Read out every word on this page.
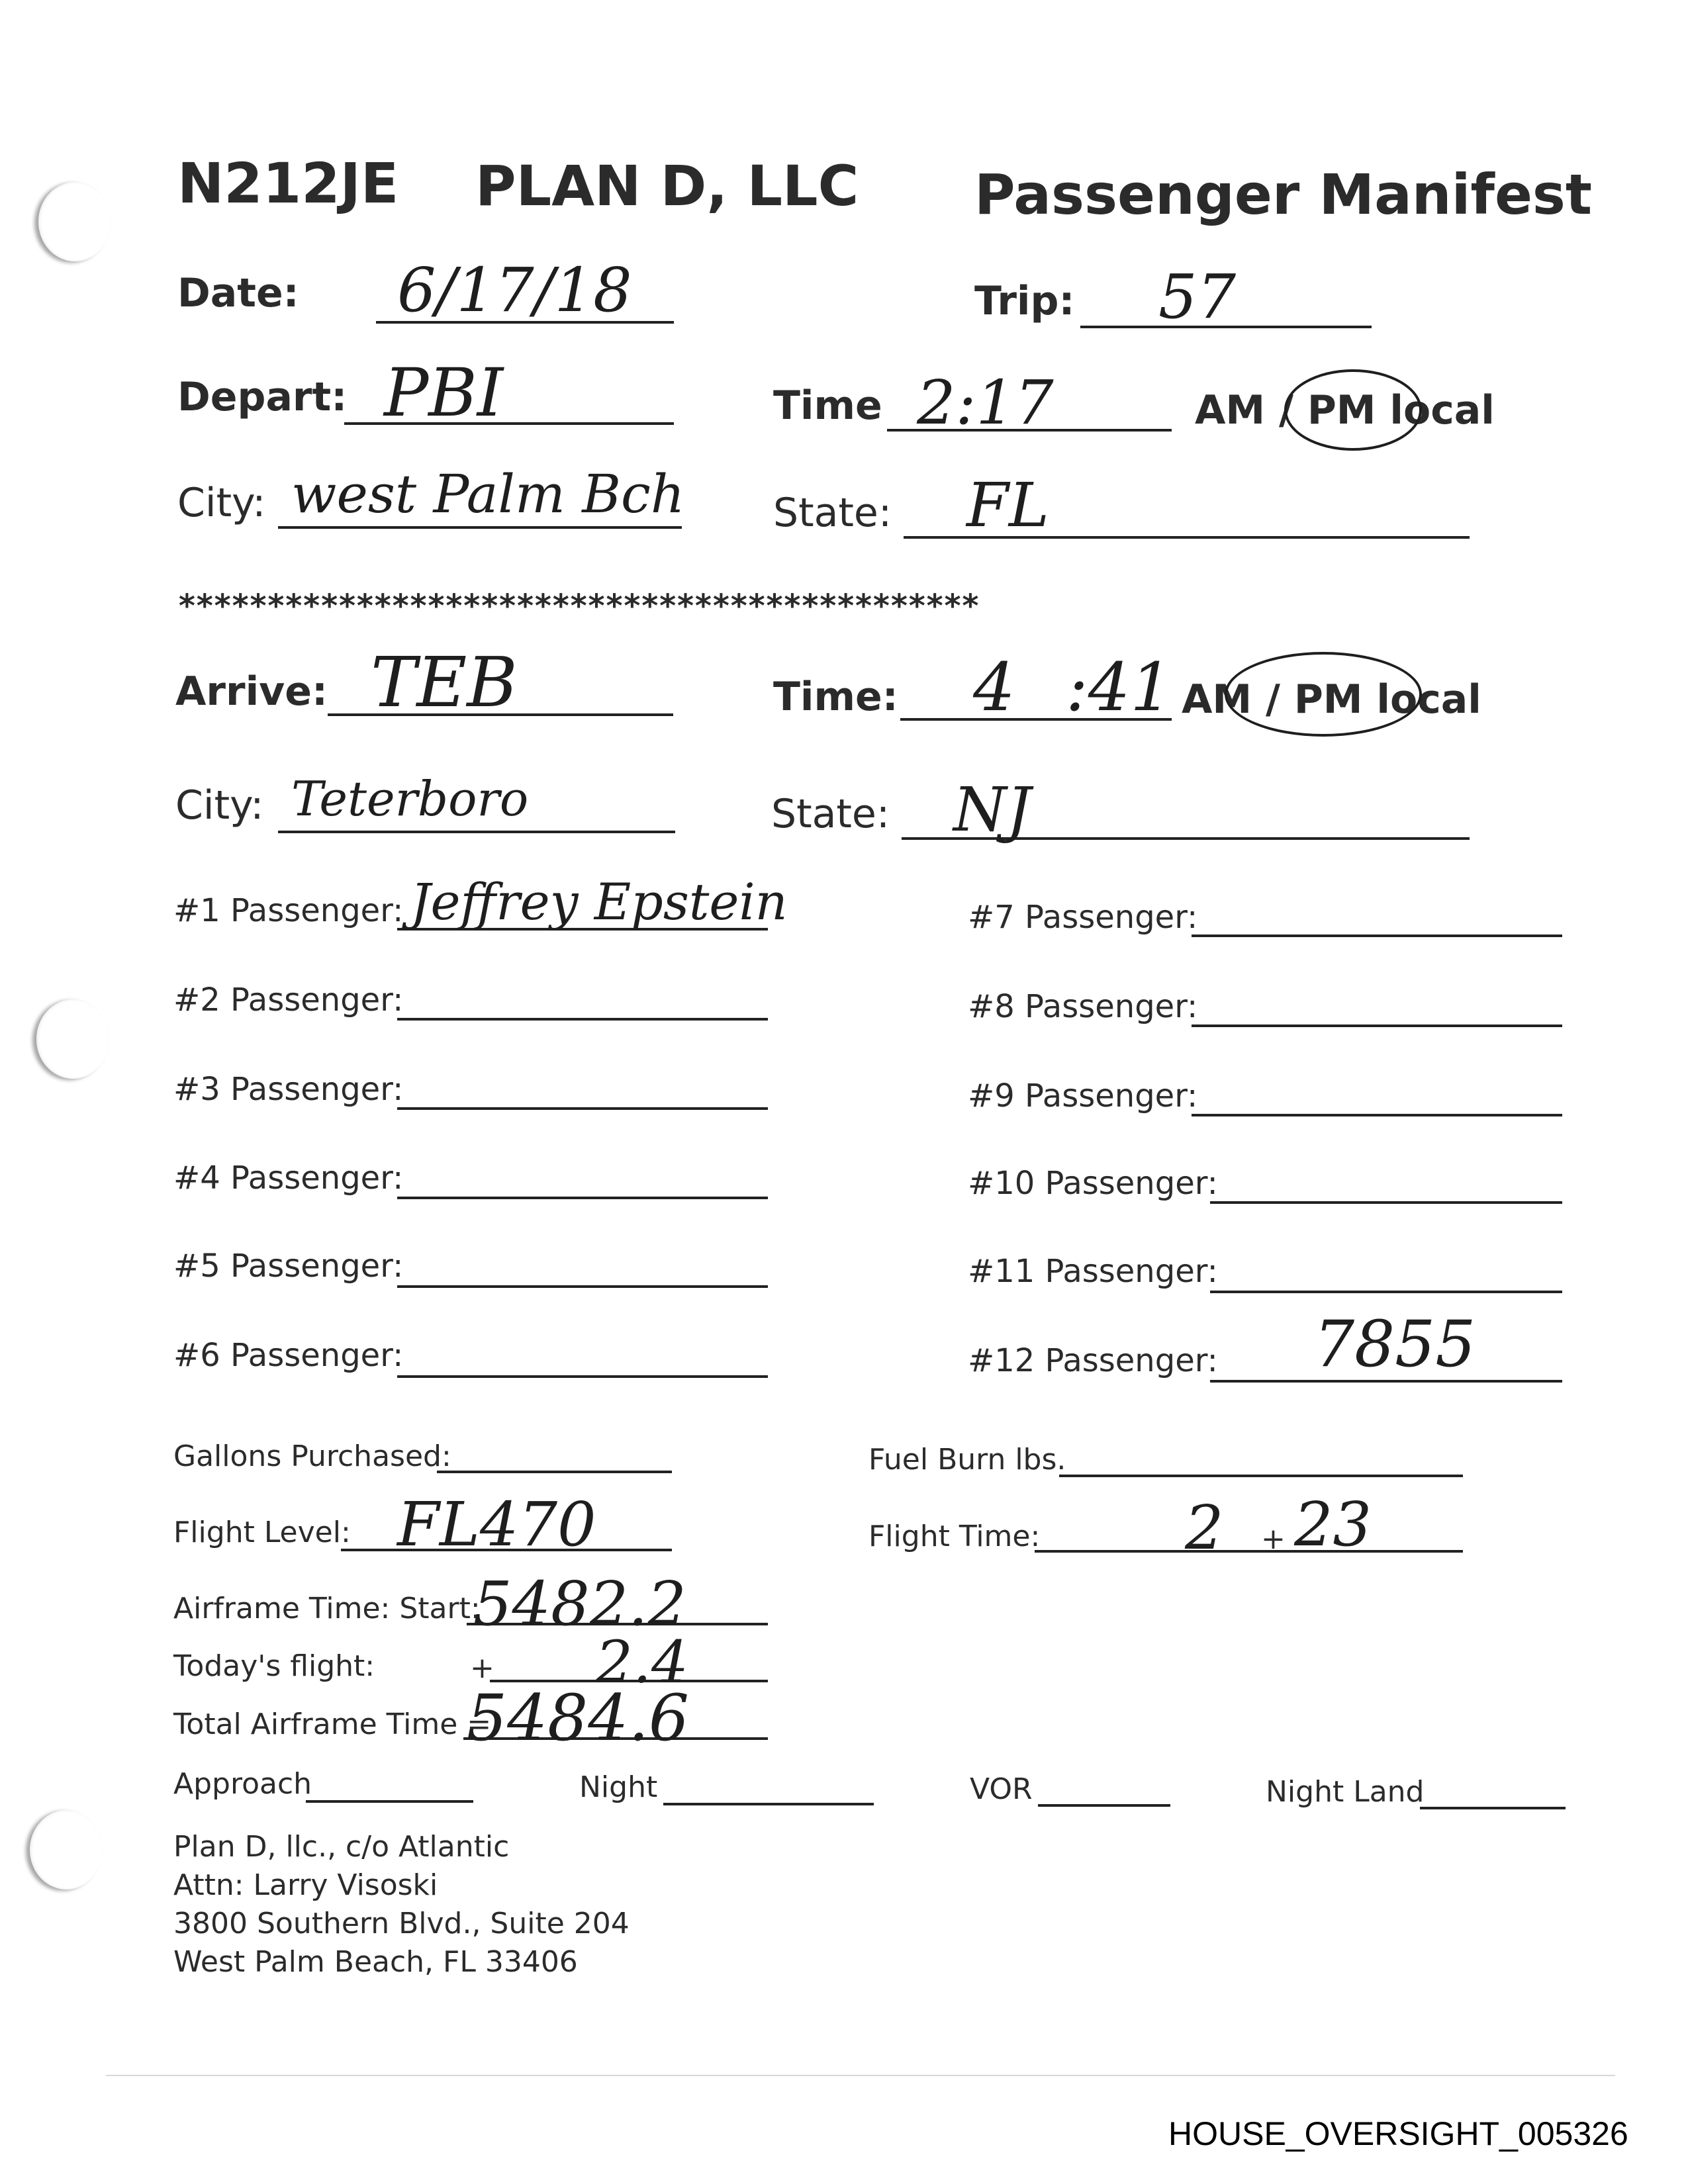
N212JE PLAN D, LLC Passenger Manifest
Date: 6/17/18	Trip: 57
Depart: PBI	Time 2:17	AM / PM local
City: west Palm Bch State: FL
*********************************************
Arrive: TEB	Time: 4 :41 AM / PM local
City: Teterboro	State: NJ
#1 Passenger: Jeffrey Epstein
#2 Passenger:
#3 Passenger:
#4 Passenger:
#5 Passenger:
#6 Passenger:
#7 Passenger:
#8 Passenger:
#9 Passenger:
#10 Passenger:
#11 Passenger:
#12 Passenger: 7855
Gallons Purchased:	Fuel Burn lbs.
Flight Level: FL470	Flight Time: 2 + 23
Airframe Time: Start:
5482.2
Today's flight:	+ 2.4
Total Airframe Time =
5484.6
Approach	Night	VOR	Night Land
Plan D, llc., c/o Atlantic
Attn: Larry Visoski
3800 Southern Blvd., Suite 204
West Palm Beach, FL 33406
HOUSE_OVERSIGHT_005326
